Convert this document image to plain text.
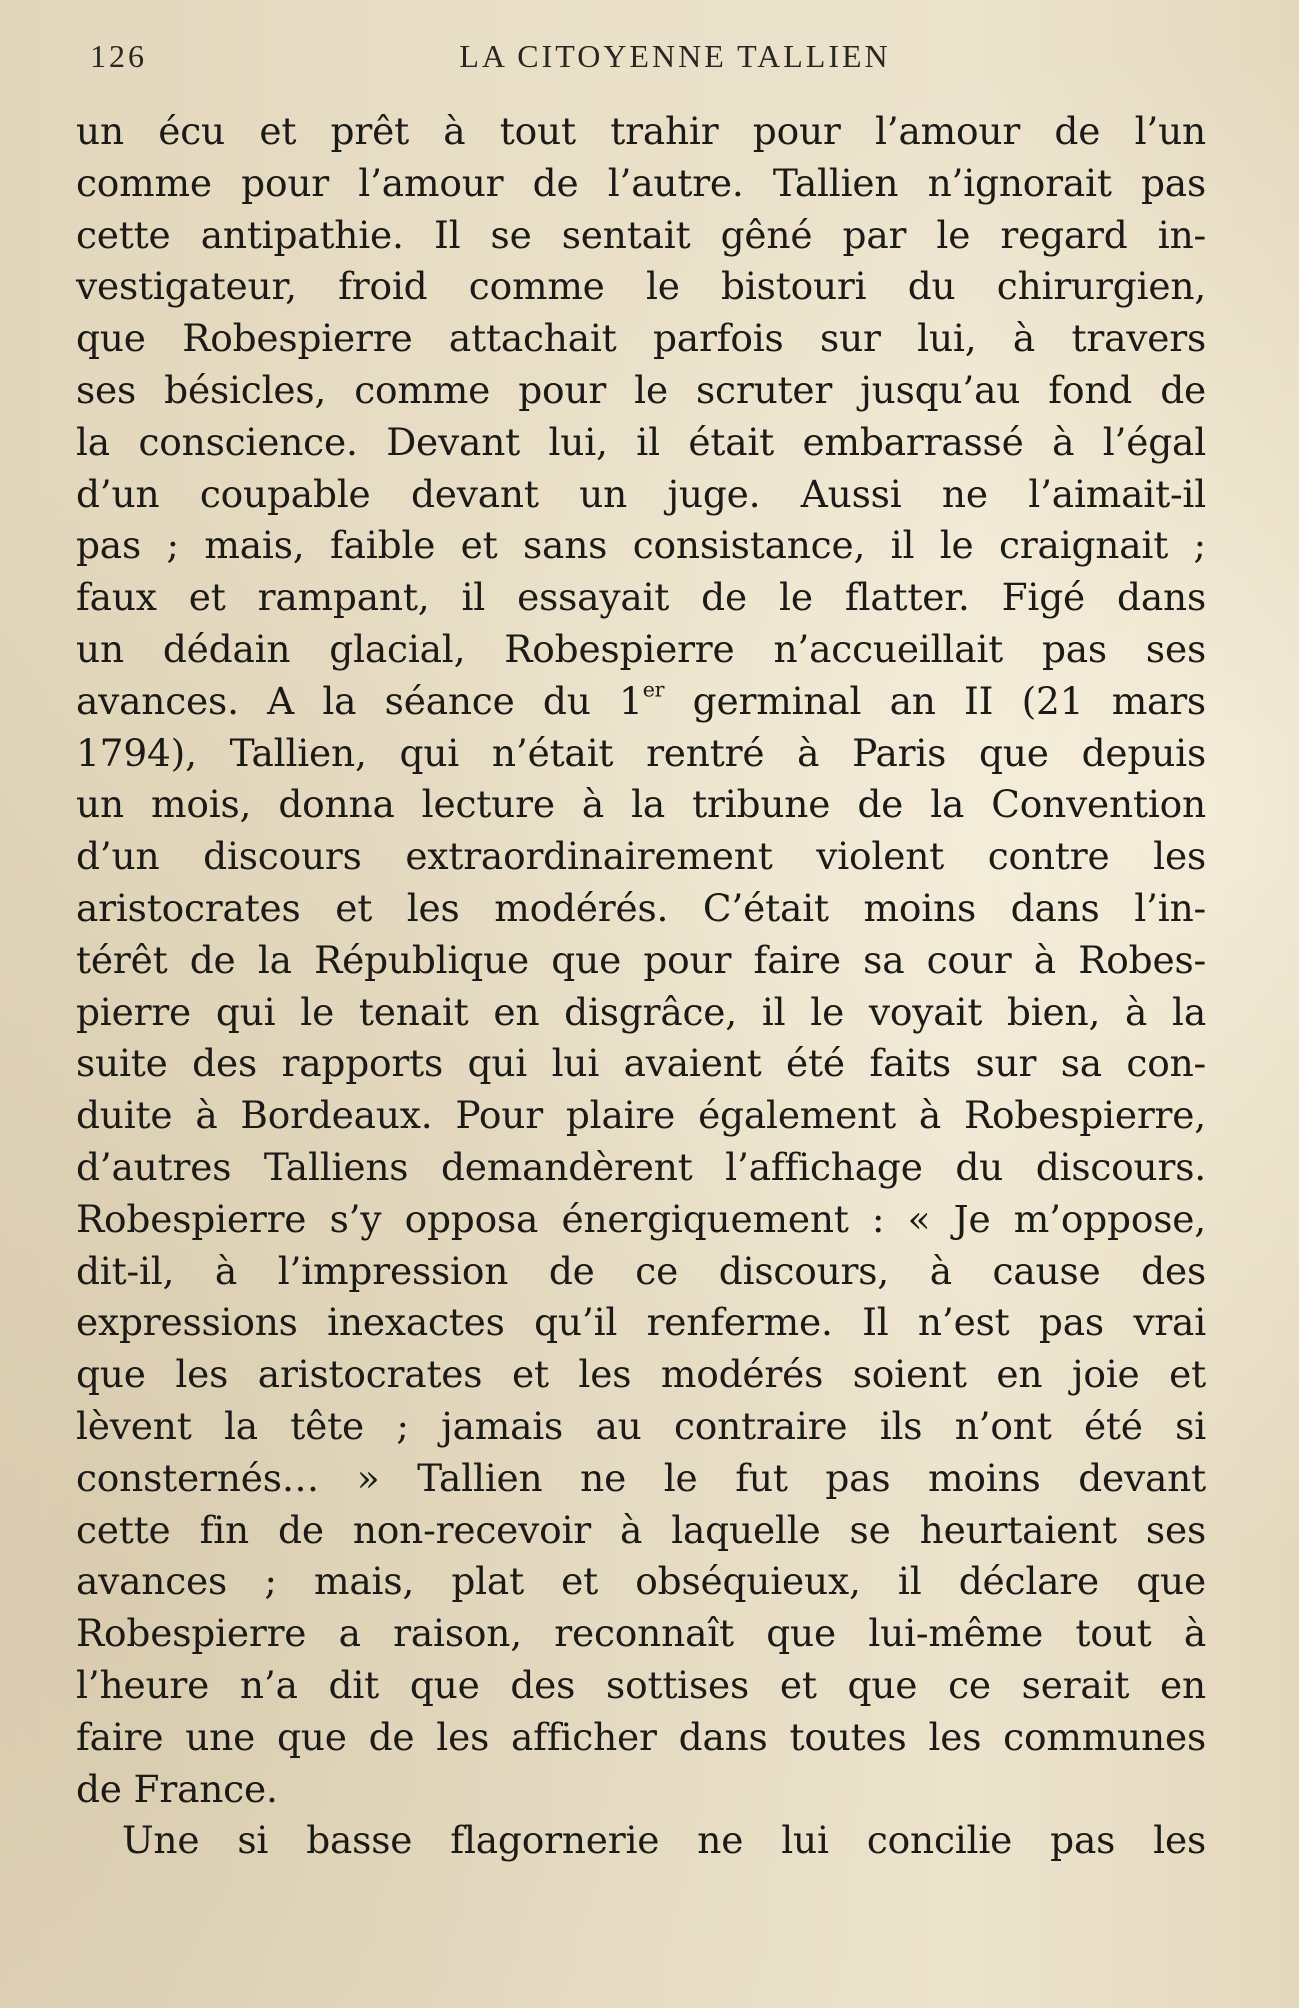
126	LA CITOYENNE TALLIEN
un écu et prêt à tout trahir pour l’amour de l’un
comme pour l’amour de l’autre. Tallien n’ignorait pas
cette antipathie. Il se sentait gêné par le regard in-
vestigateur, froid comme le bistouri du chirurgien,
que Robespierre attachait parfois sur lui, à travers
ses bésicles, comme pour le scruter jusqu’au fond de
la conscience. Devant lui, il était embarrassé à l’égal
d’un coupable devant un juge. Aussi ne l’aimait-il
pas ; mais, faible et sans consistance, il le craignait ;
faux et rampant, il essayait de le flatter. Figé dans
un dédain glacial, Robespierre n’accueillait pas ses
avances. A la séance du 1er germinal an II (21 mars
1794), Tallien, qui n’était rentré à Paris que depuis
un mois, donna lecture à la tribune de la Convention
d’un discours extraordinairement violent contre les
aristocrates et les modérés. C’était moins dans l’in-
térêt de la République que pour faire sa cour à Robes-
pierre qui le tenait en disgrâce, il le voyait bien, à la
suite des rapports qui lui avaient été faits sur sa con-
duite à Bordeaux. Pour plaire également à Robespierre,
d’autres Talliens demandèrent l’affichage du discours.
Robespierre s’y opposa énergiquement : « Je m’oppose,
dit-il, à l’impression de ce discours, à cause des
expressions inexactes qu’il renferme. Il n’est pas vrai
que les aristocrates et les modérés soient en joie et
lèvent la tête ; jamais au contraire ils n’ont été si
consternés… » Tallien ne le fut pas moins devant
cette fin de non-recevoir à laquelle se heurtaient ses
avances ; mais, plat et obséquieux, il déclare que
Robespierre a raison, reconnaît que lui-même tout à
l’heure n’a dit que des sottises et que ce serait en
faire une que de les afficher dans toutes les communes
de France.
Une si basse flagornerie ne lui concilie pas les
